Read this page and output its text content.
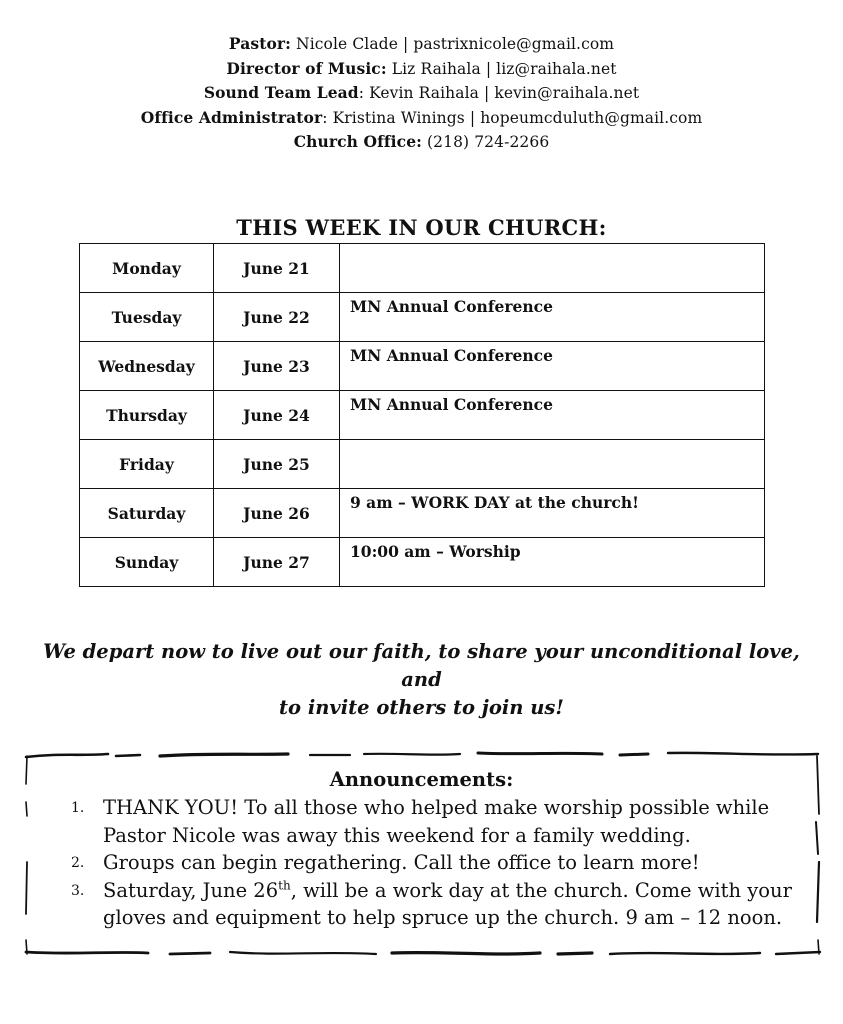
Pastor: Nicole Clade | pastrixnicole@gmail.com
Director of Music: Liz Raihala | liz@raihala.net
Sound Team Lead: Kevin Raihala | kevin@raihala.net
Office Administrator: Kristina Winings | hopeumcduluth@gmail.com
Church Office: (218) 724-2266
THIS WEEK IN OUR CHURCH:
Monday	June 21	
Tuesday	June 22	MN Annual Conference
Wednesday	June 23	MN Annual Conference
Thursday	June 24	MN Annual Conference
Friday	June 25	
Saturday	June 26	9 am – WORK DAY at the church!
Sunday	June 27	10:00 am – Worship
We depart now to live out our faith, to share your unconditional love, and
to invite others to join us!
Announcements:
1. THANK YOU! To all those who helped make worship possible while
Pastor Nicole was away this weekend for a family wedding.
2. Groups can begin regathering. Call the office to learn more!
3. Saturday, June 26th, will be a work day at the church. Come with your
gloves and equipment to help spruce up the church. 9 am – 12 noon.
